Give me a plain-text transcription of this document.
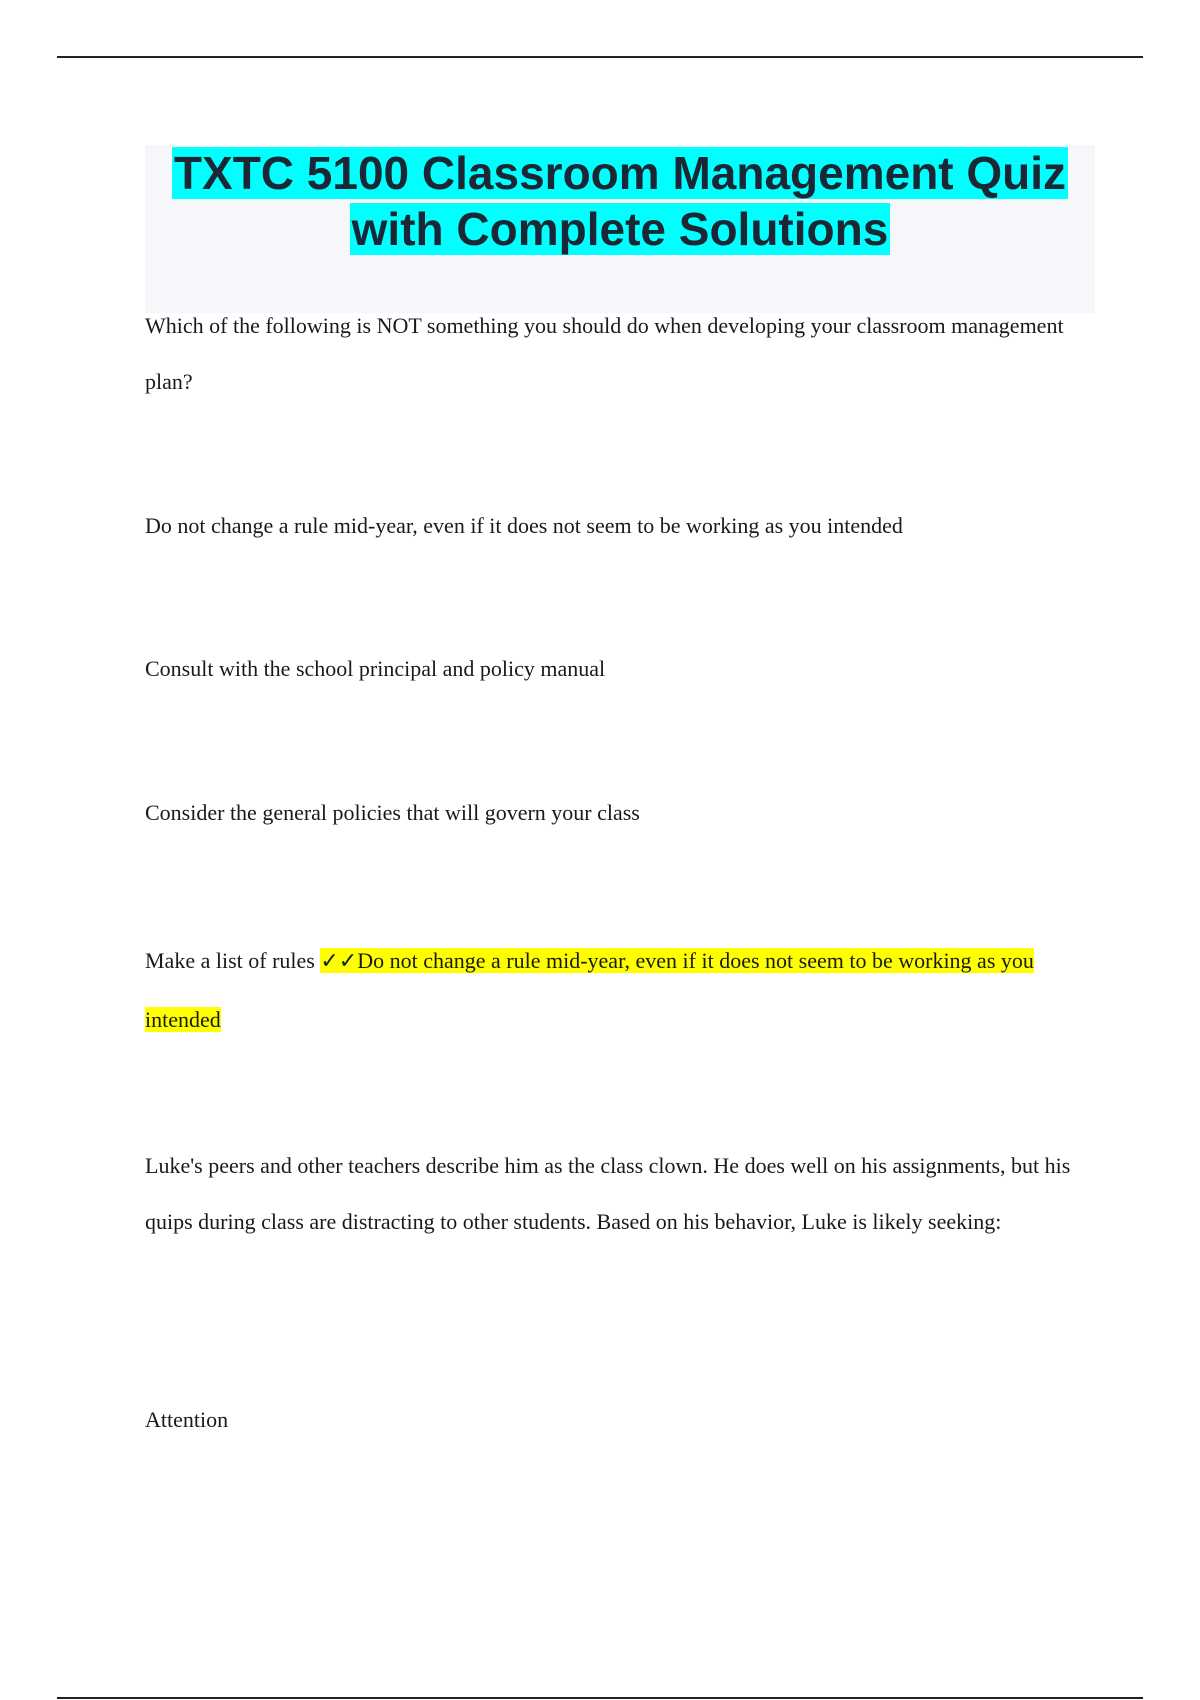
TXTC 5100 Classroom Management Quiz
with Complete Solutions

Which of the following is NOT something you should do when developing your classroom management plan?

Do not change a rule mid-year, even if it does not seem to be working as you intended

Consult with the school principal and policy manual

Consider the general policies that will govern your class

Make a list of rules ✓✓Do not change a rule mid-year, even if it does not seem to be working as you intended

Luke's peers and other teachers describe him as the class clown. He does well on his assignments, but his quips during class are distracting to other students. Based on his behavior, Luke is likely seeking:

Attention
